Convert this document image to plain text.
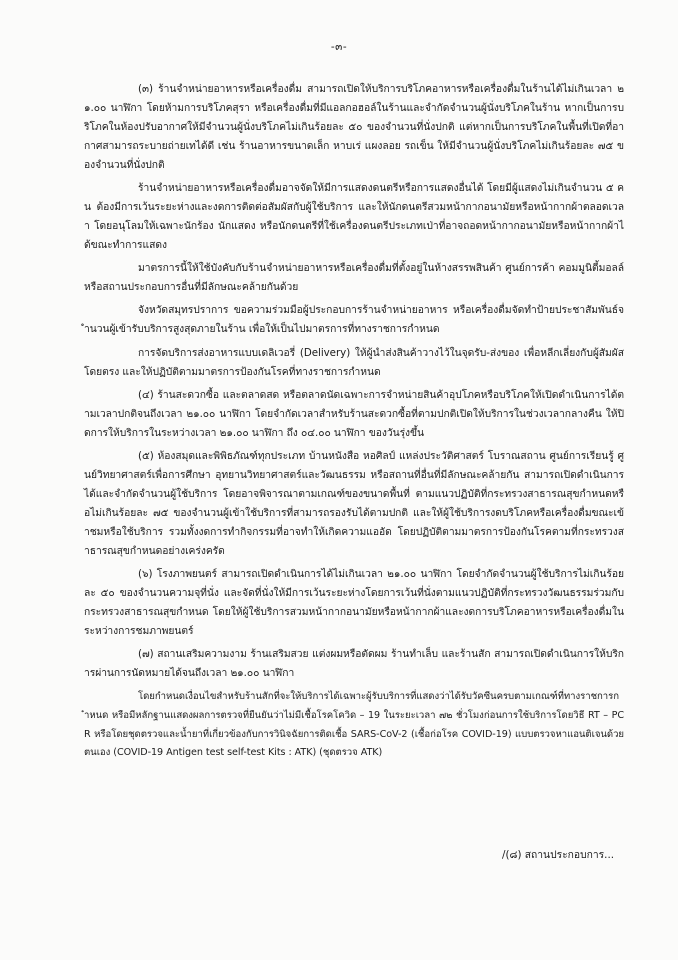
-๓-

(๓) ร้านจำหน่ายอาหารหรือเครื่องดื่ม สามารถเปิดให้บริการบริโภคอาหารหรือเครื่องดื่มในร้านได้ไม่เกินเวลา ๒๑.๐๐ นาฬิกา โดยห้ามการบริโภคสุรา หรือเครื่องดื่มที่มีแอลกอฮอล์ในร้านและจำกัดจำนวนผู้นั่งบริโภคในร้าน หากเป็นการบริโภคในห้องปรับอากาศให้มีจำนวนผู้นั่งบริโภคไม่เกินร้อยละ ๕๐ ของจำนวนที่นั่งปกติ แต่หากเป็นการบริโภคในพื้นที่เปิดที่อากาศสามารถระบายถ่ายเทได้ดี เช่น ร้านอาหารขนาดเล็ก หาบเร่ แผงลอย รถเข็น ให้มีจำนวนผู้นั่งบริโภคไม่เกินร้อยละ ๗๕ ของจำนวนที่นั่งปกติ

ร้านจำหน่ายอาหารหรือเครื่องดื่มอาจจัดให้มีการแสดงดนตรีหรือการแสดงอื่นได้ โดยมีผู้แสดงไม่เกินจำนวน ๕ คน ต้องมีการเว้นระยะห่างและงดการติดต่อสัมผัสกับผู้ใช้บริการ และให้นักดนตรีสวมหน้ากากอนามัยหรือหน้ากากผ้าตลอดเวลา โดยอนุโลมให้เฉพาะนักร้อง นักแสดง หรือนักดนตรีที่ใช้เครื่องดนตรีประเภทเป่าที่อาจถอดหน้ากากอนามัยหรือหน้ากากผ้าได้ขณะทำการแสดง

มาตรการนี้ให้ใช้บังคับกับร้านจำหน่ายอาหารหรือเครื่องดื่มที่ตั้งอยู่ในห้างสรรพสินค้า ศูนย์การค้า คอมมูนิตี้มอลล์ หรือสถานประกอบการอื่นที่มีลักษณะคล้ายกันด้วย

จังหวัดสมุทรปราการ ขอความร่วมมือผู้ประกอบการร้านจำหน่ายอาหาร หรือเครื่องดื่มจัดทำป้ายประชาสัมพันธ์จำนวนผู้เข้ารับบริการสูงสุดภายในร้าน เพื่อให้เป็นไปมาตรการที่ทางราชการกำหนด

การจัดบริการส่งอาหารแบบเดลิเวอรี่ (Delivery) ให้ผู้นำส่งสินค้าวางไว้ในจุดรับ-ส่งของ เพื่อหลีกเลี่ยงกับผู้สัมผัสโดยตรง และให้ปฏิบัติตามมาตรการป้องกันโรคที่ทางราชการกำหนด

(๔) ร้านสะดวกซื้อ และตลาดสด หรือตลาดนัดเฉพาะการจำหน่ายสินค้าอุปโภคหรือบริโภคให้เปิดดำเนินการได้ตามเวลาปกติจนถึงเวลา ๒๑.๐๐ นาฬิกา โดยจำกัดเวลาสำหรับร้านสะดวกซื้อที่ตามปกติเปิดให้บริการในช่วงเวลากลางคืน ให้ปิดการให้บริการในระหว่างเวลา ๒๑.๐๐ นาฬิกา ถึง ๐๔.๐๐ นาฬิกา ของวันรุ่งขึ้น

(๕) ห้องสมุดและพิพิธภัณฑ์ทุกประเภท บ้านหนังสือ หอศิลป์ แหล่งประวัติศาสตร์ โบราณสถาน ศูนย์การเรียนรู้ ศูนย์วิทยาศาสตร์เพื่อการศึกษา อุทยานวิทยาศาสตร์และวัฒนธรรม หรือสถานที่อื่นที่มีลักษณะคล้ายกัน สามารถเปิดดำเนินการได้และจำกัดจำนวนผู้ใช้บริการ โดยอาจพิจารณาตามเกณฑ์ของขนาดพื้นที่ ตามแนวปฏิบัติที่กระทรวงสาธารณสุขกำหนดหรือไม่เกินร้อยละ ๗๕ ของจำนวนผู้เข้าใช้บริการที่สามารถรองรับได้ตามปกติ และให้ผู้ใช้บริการงดบริโภคหรือเครื่องดื่มขณะเข้าชมหรือใช้บริการ รวมทั้งงดการทำกิจกรรมที่อาจทำให้เกิดความแออัด โดยปฏิบัติตามมาตรการป้องกันโรคตามที่กระทรวงสาธารณสุขกำหนดอย่างเคร่งครัด

(๖) โรงภาพยนตร์ สามารถเปิดดำเนินการได้ไม่เกินเวลา ๒๑.๐๐ นาฬิกา โดยจำกัดจำนวนผู้ใช้บริการไม่เกินร้อยละ ๕๐ ของจำนวนความจุที่นั่ง และจัดที่นั่งให้มีการเว้นระยะห่างโดยการเว้นที่นั่งตามแนวปฏิบัติที่กระทรวงวัฒนธรรมร่วมกับกระทรวงสาธารณสุขกำหนด โดยให้ผู้ใช้บริการสวมหน้ากากอนามัยหรือหน้ากากผ้าและงดการบริโภคอาหารหรือเครื่องดื่มในระหว่างการชมภาพยนตร์

(๗) สถานเสริมความงาม ร้านเสริมสวย แต่งผมหรือตัดผม ร้านทำเล็บ และร้านสัก สามารถเปิดดำเนินการให้บริการผ่านการนัดหมายได้จนถึงเวลา ๒๑.๐๐ นาฬิกา

โดยกำหนดเงื่อนไขสำหรับร้านสักที่จะให้บริการได้เฉพาะผู้รับบริการที่แสดงว่าได้รับวัคซีนครบตามเกณฑ์ที่ทางราชการกำหนด หรือมีหลักฐานแสดงผลการตรวจที่ยืนยันว่าไม่มีเชื้อโรคโควิด – 19 ในระยะเวลา ๗๒ ชั่วโมงก่อนการใช้บริการโดยวิธี RT – PCR หรือโดยชุดตรวจและน้ำยาที่เกี่ยวข้องกับการวินิจฉัยการติดเชื้อ SARS-CoV-2 (เชื้อก่อโรค COVID-19) แบบตรวจหาแอนติเจนด้วยตนเอง (COVID-19 Antigen test self-test Kits : ATK) (ชุดตรวจ ATK)

/(๘) สถานประกอบการ...
